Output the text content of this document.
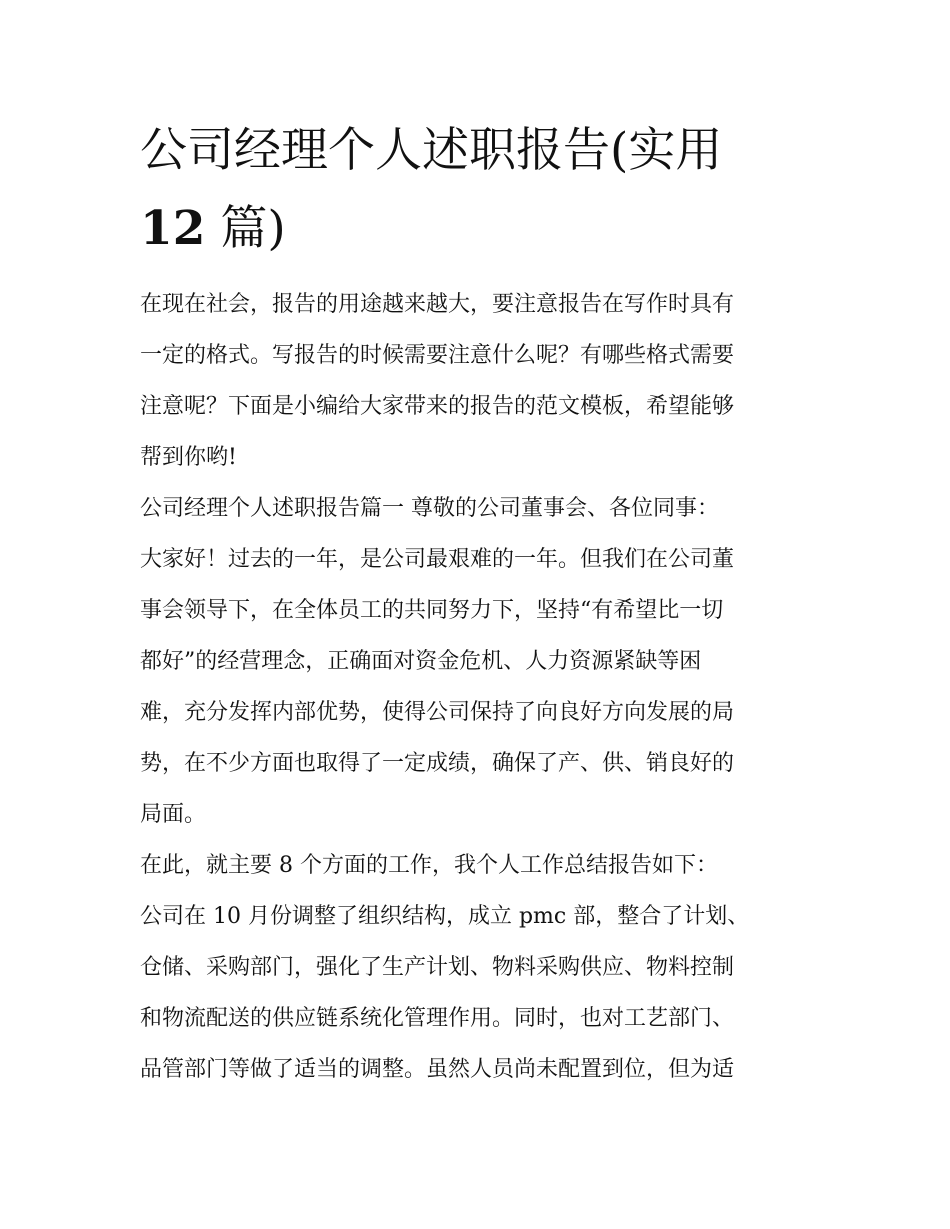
公司经理个人述职报告(实用
12 篇)
在现在社会，报告的用途越来越大，要注意报告在写作时具有
一定的格式。写报告的时候需要注意什么呢？有哪些格式需要
注意呢？下面是小编给大家带来的报告的范文模板，希望能够
帮到你哟!
公司经理个人述职报告篇一 尊敬的公司董事会、各位同事：
大家好！过去的一年，是公司最艰难的一年。但我们在公司董
事会领导下，在全体员工的共同努力下，坚持“有希望比一切
都好”的经营理念，正确面对资金危机、人力资源紧缺等困
难，充分发挥内部优势，使得公司保持了向良好方向发展的局
势，在不少方面也取得了一定成绩，确保了产、供、销良好的
局面。
在此，就主要 8 个方面的工作，我个人工作总结报告如下：
公司在 10 月份调整了组织结构，成立 pmc 部，整合了计划、
仓储、采购部门，强化了生产计划、物料采购供应、物料控制
和物流配送的供应链系统化管理作用。同时，也对工艺部门、
品管部门等做了适当的调整。虽然人员尚未配置到位，但为适
